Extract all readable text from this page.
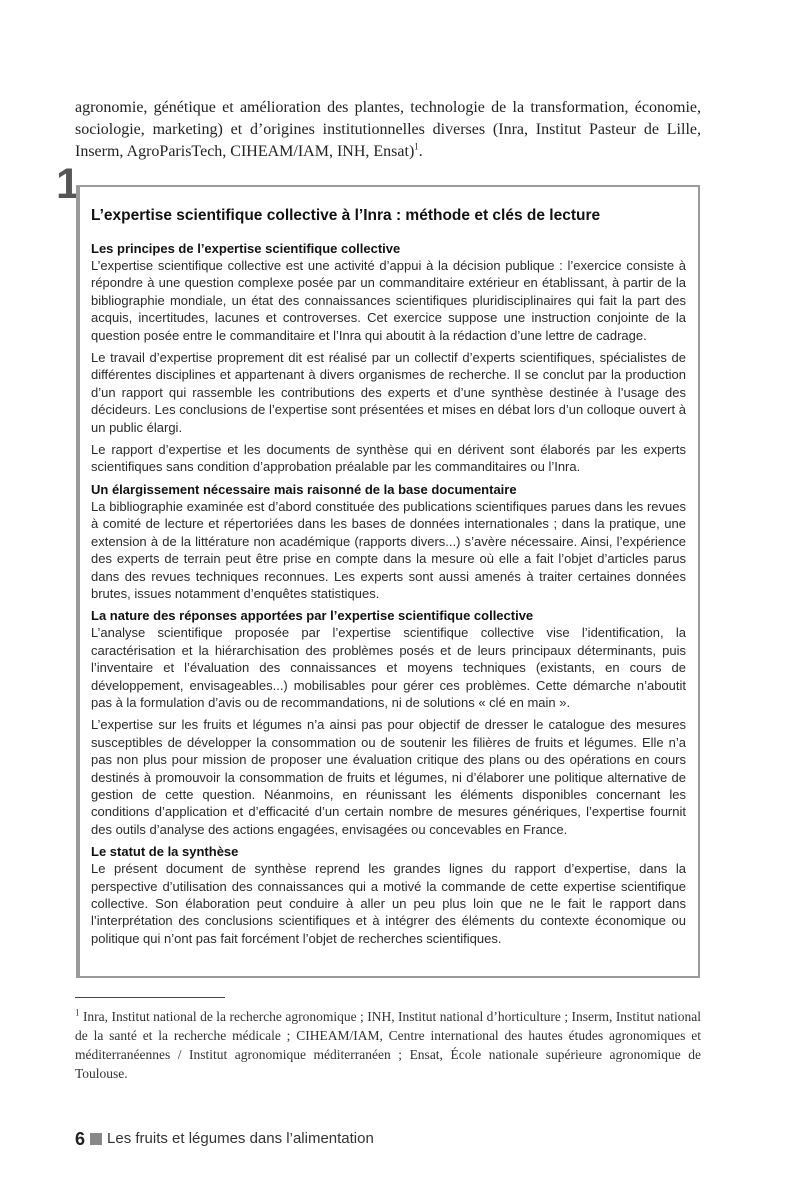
agronomie, génétique et amélioration des plantes, technologie de la transformation, économie, sociologie, marketing) et d’origines institutionnelles diverses (Inra, Institut Pasteur de Lille, Inserm, AgroParisTech, CIHEAM/IAM, INH, Ensat)$^1$.

1
L’expertise scientifique collective à l’Inra : méthode et clés de lecture
Les principes de l’expertise scientifique collective

L’expertise scientifique collective est une activité d’appui à la décision publique : l’exercice consiste à répondre à une question complexe posée par un commanditaire extérieur en établissant, à partir de la bibliographie mondiale, un état des connaissances scientifiques pluridisciplinaires qui fait la part des acquis, incertitudes, lacunes et controverses. Cet exercice suppose une instruction conjointe de la question posée entre le commanditaire et l’Inra qui aboutit à la rédaction d’une lettre de cadrage.

Le travail d’expertise proprement dit est réalisé par un collectif d’experts scientifiques, spécialistes de différentes disciplines et appartenant à divers organismes de recherche. Il se conclut par la production d’un rapport qui rassemble les contributions des experts et d’une synthèse destinée à l’usage des décideurs. Les conclusions de l’expertise sont présentées et mises en débat lors d’un colloque ouvert à un public élargi.

Le rapport d’expertise et les documents de synthèse qui en dérivent sont élaborés par les experts scientifiques sans condition d’approbation préalable par les commanditaires ou l’Inra.

Un élargissement nécessaire mais raisonné de la base documentaire

La bibliographie examinée est d’abord constituée des publications scientifiques parues dans les revues à comité de lecture et répertoriées dans les bases de données internationales ; dans la pratique, une extension à de la littérature non académique (rapports divers...) s’avère nécessaire. Ainsi, l’expérience des experts de terrain peut être prise en compte dans la mesure où elle a fait l’objet d’articles parus dans des revues techniques reconnues. Les experts sont aussi amenés à traiter certaines données brutes, issues notamment d’enquêtes statistiques.

La nature des réponses apportées par l’expertise scientifique collective

L’analyse scientifique proposée par l’expertise scientifique collective vise l’identification, la caractérisation et la hiérarchisation des problèmes posés et de leurs principaux déterminants, puis l’inventaire et l’évaluation des connaissances et moyens techniques (existants, en cours de développement, envisageables...) mobilisables pour gérer ces problèmes. Cette démarche n’aboutit pas à la formulation d’avis ou de recommandations, ni de solutions « clé en main ».

L’expertise sur les fruits et légumes n’a ainsi pas pour objectif de dresser le catalogue des mesures susceptibles de développer la consommation ou de soutenir les filières de fruits et légumes. Elle n’a pas non plus pour mission de proposer une évaluation critique des plans ou des opérations en cours destinés à promouvoir la consommation de fruits et légumes, ni d’élaborer une politique alternative de gestion de cette question. Néanmoins, en réunissant les éléments disponibles concernant les conditions d’application et d’efficacité d’un certain nombre de mesures génériques, l’expertise fournit des outils d’analyse des actions engagées, envisagées ou concevables en France.

Le statut de la synthèse

Le présent document de synthèse reprend les grandes lignes du rapport d’expertise, dans la perspective d’utilisation des connaissances qui a motivé la commande de cette expertise scientifique collective. Son élaboration peut conduire à aller un peu plus loin que ne le fait le rapport dans l’interprétation des conclusions scientifiques et à intégrer des éléments du contexte économique ou politique qui n’ont pas fait forcément l’objet de recherches scientifiques.

$^1$ Inra, Institut national de la recherche agronomique ; INH, Institut national d’horticulture ; Inserm, Institut national de la santé et la recherche médicale ; CIHEAM/IAM, Centre international des hautes études agronomiques et méditerranéennes / Institut agronomique méditerranéen ; Ensat, École nationale supérieure agronomique de Toulouse.

6 Les fruits et légumes dans l’alimentation
